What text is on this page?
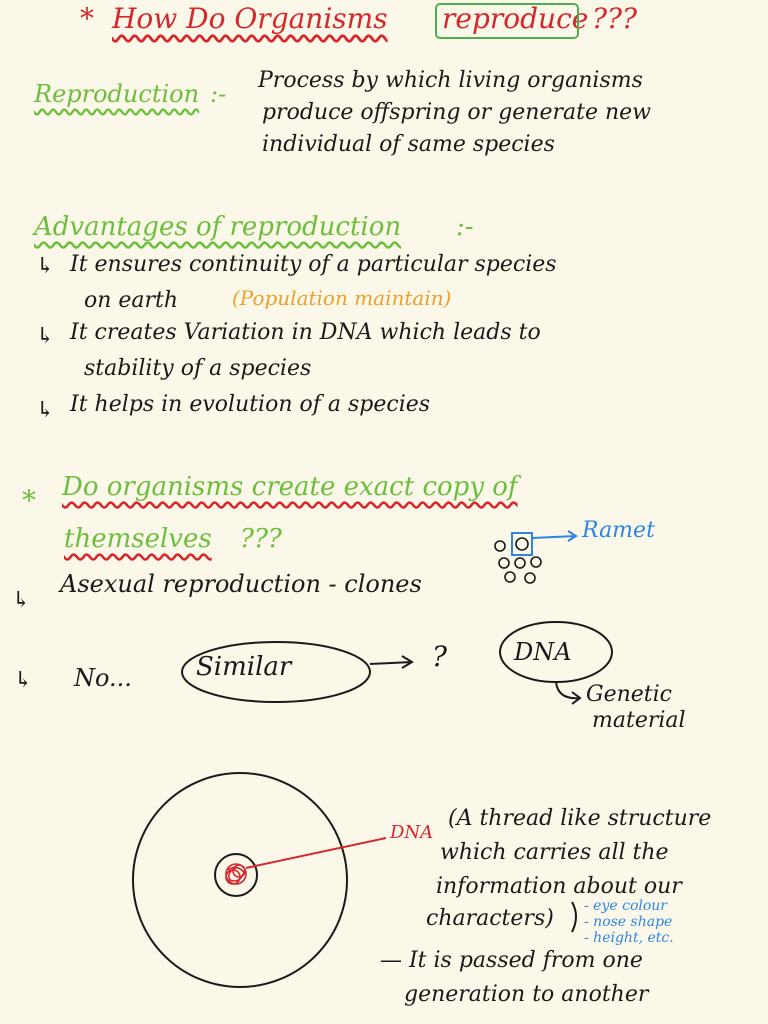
* How Do Organisms reproduce ???
Reproduction :- Process by which living organisms
produce offspring or generate new
individual of same species
Advantages of reproduction :-
↳ It ensures continuity of a particular species
on earth	(Population maintain)
↳ It creates Variation in DNA which leads to
stability of a species
↳ It helps in evolution of a species
* Do organisms create exact copy of
themselves ???	Ramet
↳
Asexual reproduction - clones
↳ No... Similar	?	DNA
Genetic
material
DNA
(A thread like structure
which carries all the
information about our
characters) - eye colour
- nose shape
- height, etc.
— It is passed from one
generation to another
